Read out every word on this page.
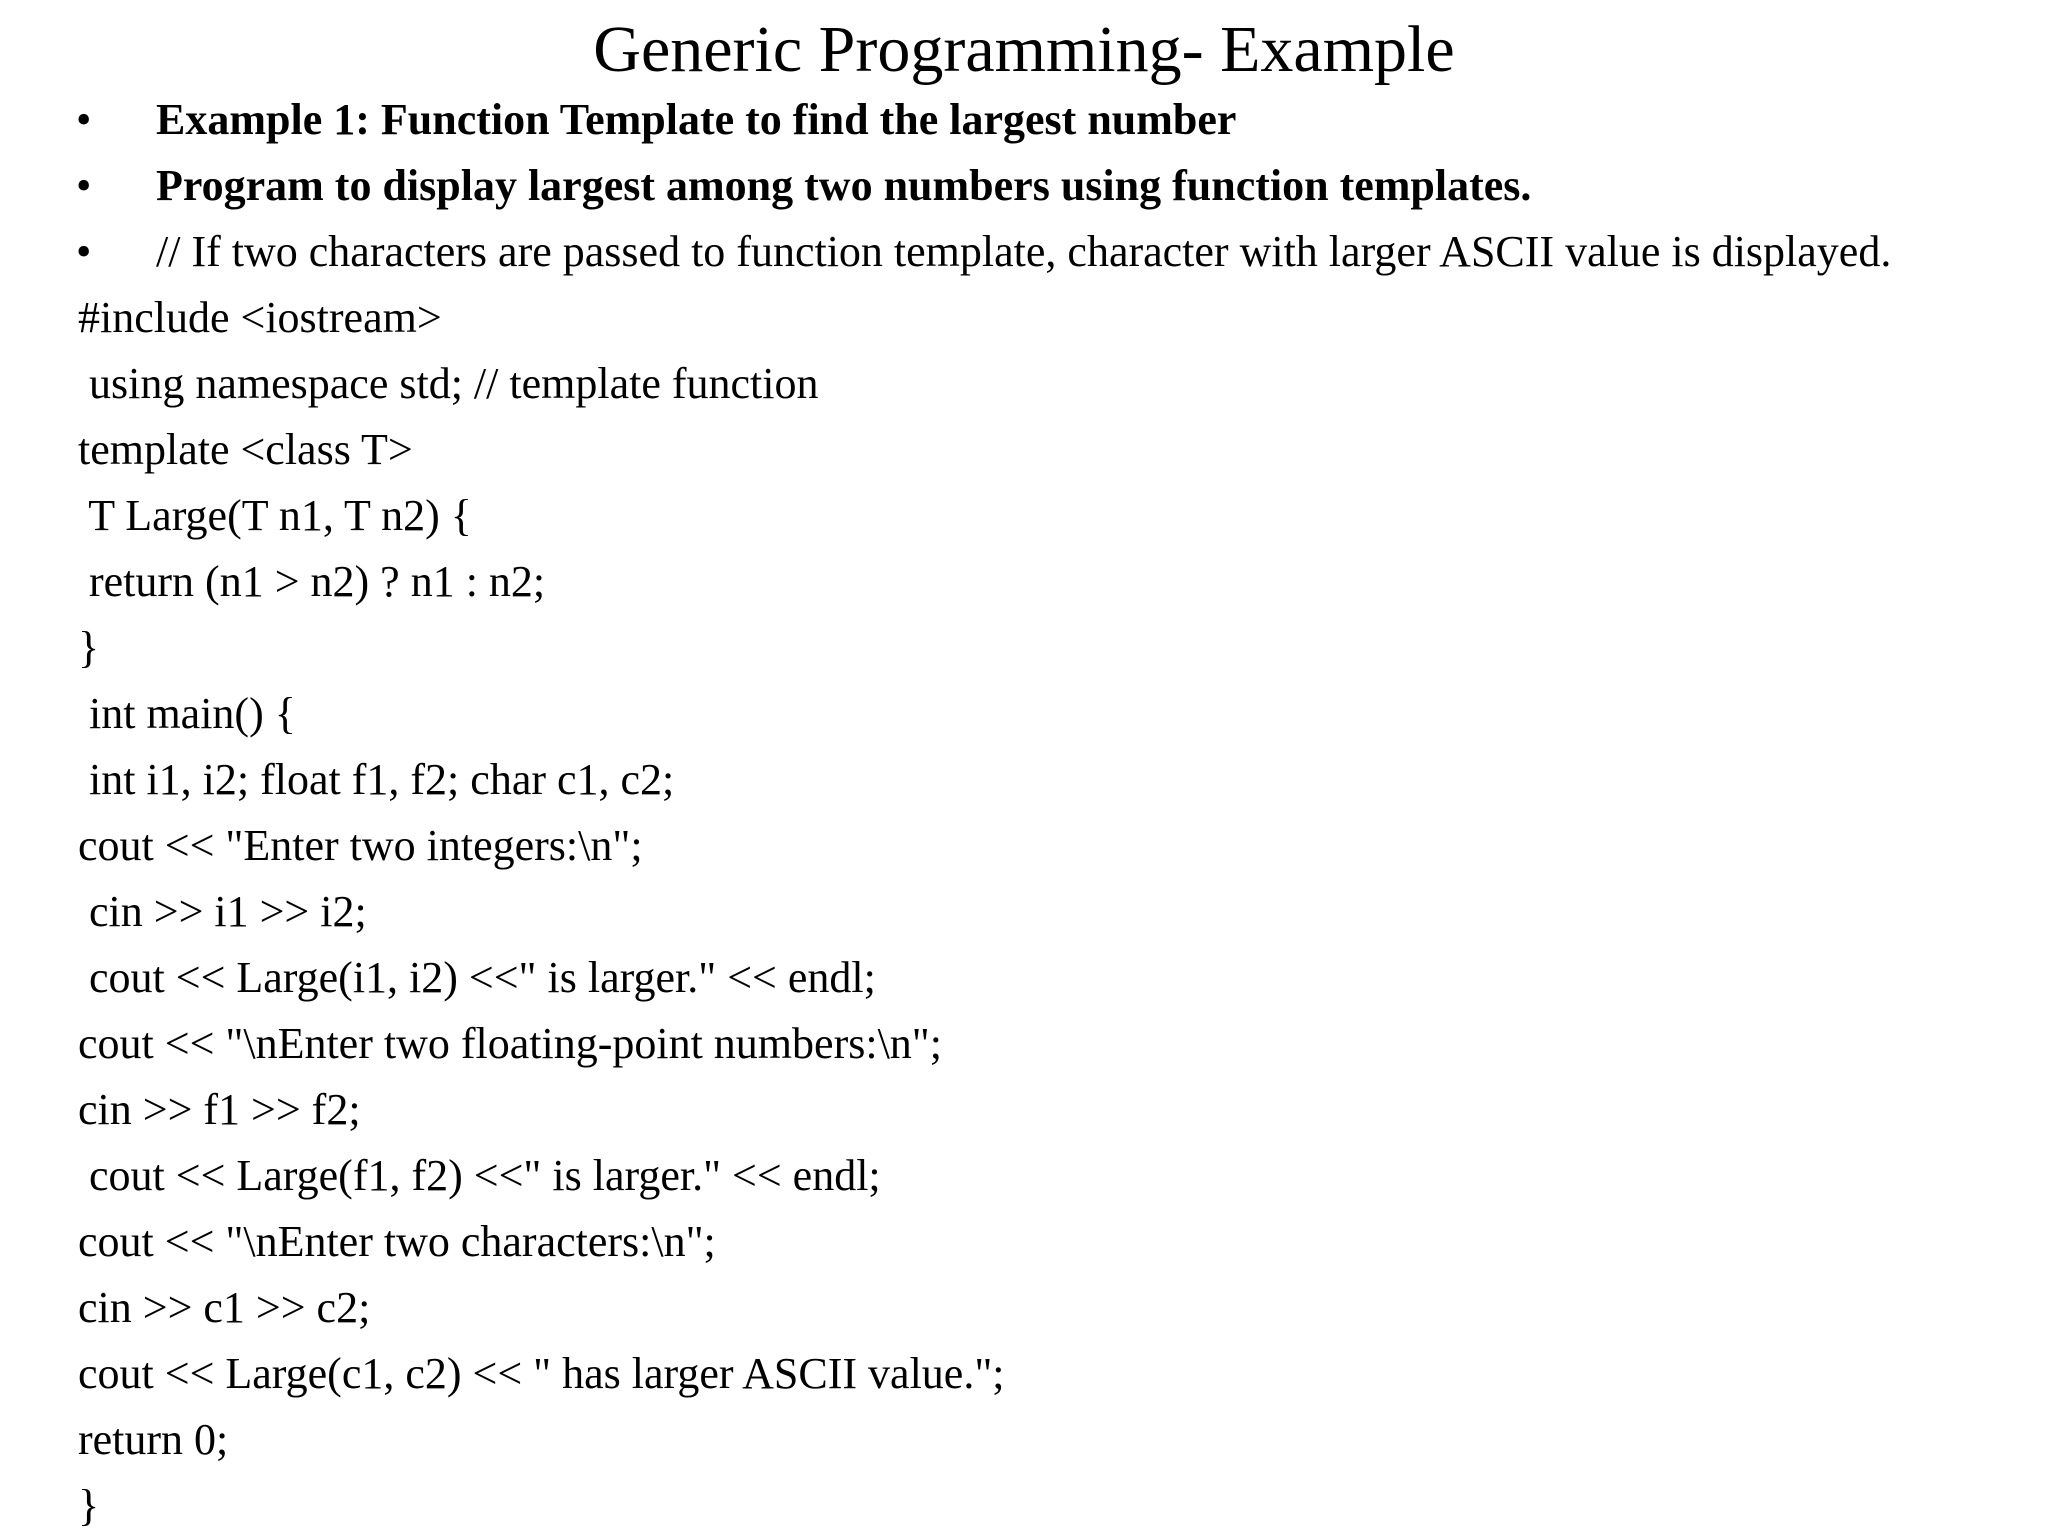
Generic Programming- Example
•	Example 1: Function Template to find the largest number
•	Program to display largest among two numbers using function templates.
•	// If two characters are passed to function template, character with larger ASCII value is displayed.
#include <iostream>
using namespace std; // template function
template <class T>
T Large(T n1, T n2) {
return (n1 > n2) ? n1 : n2;
}
int main() {
int i1, i2; float f1, f2; char c1, c2;
cout << "Enter two integers:\n";
cin >> i1 >> i2;
cout << Large(i1, i2) <<" is larger." << endl;
cout << "\nEnter two floating-point numbers:\n";
cin >> f1 >> f2;
cout << Large(f1, f2) <<" is larger." << endl;
cout << "\nEnter two characters:\n";
cin >> c1 >> c2;
cout << Large(c1, c2) << " has larger ASCII value.";
return 0;
}
